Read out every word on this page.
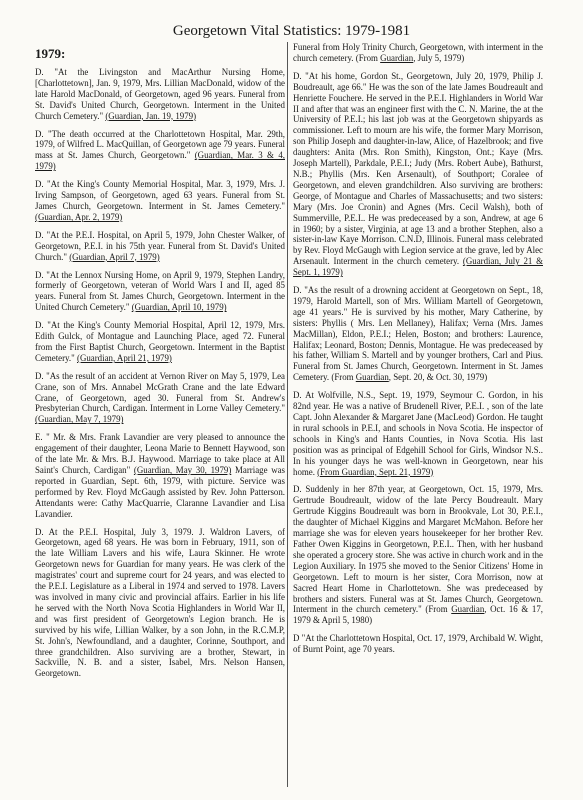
Georgetown Vital Statistics: 1979-1981
1979:

D. "At the Livingston and MacArthur Nursing Home, [Charlottetown], Jan. 9, 1979, Mrs. Lillian MacDonald, widow of the late Harold MacDonald, of Georgetown, aged 96 years. Funeral from St. David's United Church, Georgetown. Interment in the United Church Cemetery." (Guardian, Jan. 19, 1979)

D. "The death occurred at the Charlottetown Hospital, Mar. 29th, 1979, of Wilfred L. MacQuillan, of Georgetown age 79 years. Funeral mass at St. James Church, Georgetown." (Guardian, Mar. 3 & 4, 1979)

D. "At the King's County Memorial Hospital, Mar. 3, 1979, Mrs. J. Irving Sampson, of Georgetown, aged 63 years. Funeral from St. James Church, Georgetown. Interment in St. James Cemetery." (Guardian, Apr. 2, 1979)

D. "At the P.E.I. Hospital, on April 5, 1979, John Chester Walker, of Georgetown, P.E.I. in his 75th year. Funeral from St. David's United Church." (Guardian, April 7, 1979)

D. "At the Lennox Nursing Home, on April 9, 1979, Stephen Landry, formerly of Georgetown, veteran of World Wars I and II, aged 85 years. Funeral from St. James Church, Georgetown. Interment in the United Church Cemetery." (Guardian, April 10, 1979)

D. "At the King's County Memorial Hospital, April 12, 1979, Mrs. Edith Gulck, of Montague and Launching Place, aged 72. Funeral from the First Baptist Church, Georgetown. Interment in the Baptist Cemetery." (Guardian, April 21, 1979)

D. "As the result of an accident at Vernon River on May 5, 1979, Lea Crane, son of Mrs. Annabel McGrath Crane and the late Edward Crane, of Georgetown, aged 30. Funeral from St. Andrew's Presbyterian Church, Cardigan. Interment in Lorne Valley Cemetery." (Guardian, May 7, 1979)

E. " Mr. & Mrs. Frank Lavandier are very pleased to announce the engagement of their daughter, Leona Marie to Bennett Haywood, son of the late Mr. & Mrs. B.J. Haywood. Marriage to take place at All Saint's Church, Cardigan" (Guardian, May 30, 1979) Marriage was reported in Guardian, Sept. 6th, 1979, with picture. Service was performed by Rev. Floyd McGaugh assisted by Rev. John Patterson. Attendants were: Cathy MacQuarrie, Claranne Lavandier and Lisa Lavandier.

D. At the P.E.I. Hospital, July 3, 1979. J. Waldron Lavers, of Georgetown, aged 68 years. He was born in February, 1911, son of the late William Lavers and his wife, Laura Skinner. He wrote Georgetown news for Guardian for many years. He was clerk of the magistrates' court and supreme court for 24 years, and was elected to the P.E.I. Legislature as a Liberal in 1974 and served to 1978. Lavers was involved in many civic and provincial affairs. Earlier in his life he served with the North Nova Scotia Highlanders in World War II, and was first president of Georgetown's Legion branch. He is survived by his wife, Lillian Walker, by a son John, in the R.C.M.P, St. John's, Newfoundland, and a daughter, Corinne, Southport, and three grandchildren. Also surviving are a brother, Stewart, in Sackville, N. B. and a sister, Isabel, Mrs. Nelson Hansen, Georgetown.

Funeral from Holy Trinity Church, Georgetown, with interment in the church cemetery. (From Guardian, July 5, 1979)

D. "At his home, Gordon St., Georgetown, July 20, 1979, Philip J. Boudreault, age 66." He was the son of the late James Boudreault and Henriette Fouchere. He served in the P.E.I. Highlanders in World War II and after that was an engineer first with the C. N. Marine, the at the University of P.E.I.; his last job was at the Georgetown shipyards as commissioner. Left to mourn are his wife, the former Mary Morrison, son Philip Joseph and daughter-in-law, Alice, of Hazelbrook; and five daughters: Anita (Mrs. Ron Smith), Kingston, Ont.; Kaye (Mrs. Joseph Martell), Parkdale, P.E.I.; Judy (Mrs. Robert Aube), Bathurst, N.B.; Phyllis (Mrs. Ken Arsenault), of Southport; Coralee of Georgetown, and eleven grandchildren. Also surviving are brothers: George, of Montague and Charles of Massachusetts; and two sisters: Mary (Mrs. Joe Cronin) and Agnes (Mrs. Cecil Walsh), both of Summerville, P.E.I.. He was predeceased by a son, Andrew, at age 6 in 1960; by a sister, Virginia, at age 13 and a brother Stephen, also a sister-in-law Kaye Morrison. C.N.D, Illinois. Funeral mass celebrated by Rev. Floyd McGaugh with Legion service at the grave, led by Alec Arsenault. Interment in the church cemetery. (Guardian, July 21 & Sept. 1, 1979)

D. "As the result of a drowning accident at Georgetown on Sept., 18, 1979, Harold Martell, son of Mrs. William Martell of Georgetown, age 41 years." He is survived by his mother, Mary Catherine, by sisters: Phyllis ( Mrs. Len Mellaney), Halifax; Verna (Mrs. James MacMillan), Eldon, P.E.I.; Helen, Boston; and brothers: Laurence, Halifax; Leonard, Boston; Dennis, Montague. He was predeceased by his father, William S. Martell and by younger brothers, Carl and Pius. Funeral from St. James Church, Georgetown. Interment in St. James Cemetery. (From Guardian, Sept. 20, & Oct. 30, 1979)

D. At Wolfville, N.S., Sept. 19, 1979, Seymour C. Gordon, in his 82nd year. He was a native of Brudenell River, P.E.I. , son of the late Capt. John Alexander & Margaret Jane (MacLeod) Gordon. He taught in rural schools in P.E.I, and schools in Nova Scotia. He inspector of schools in King's and Hants Counties, in Nova Scotia. His last position was as principal of Edgehill School for Girls, Windsor N.S.. In his younger days he was well-known in Georgetown, near his home. (From Guardian, Sept. 21, 1979)

D. Suddenly in her 87th year, at Georgetown, Oct. 15, 1979, Mrs. Gertrude Boudreault, widow of the late Percy Boudreault. Mary Gertrude Kiggins Boudreault was born in Brookvale, Lot 30, P.E.I., the daughter of Michael Kiggins and Margaret McMahon. Before her marriage she was for eleven years housekeeper for her brother Rev. Father Owen Kiggins in Georgetown, P.E.I.. Then, with her husband she operated a grocery store. She was active in church work and in the Legion Auxiliary. In 1975 she moved to the Senior Citizens' Home in Georgetown. Left to mourn is her sister, Cora Morrison, now at Sacred Heart Home in Charlottetown. She was predeceased by brothers and sisters. Funeral was at St. James Church, Georgetown. Interment in the church cemetery." (From Guardian, Oct. 16 & 17, 1979 & April 5, 1980)

D "At the Charlottetown Hospital, Oct. 17, 1979, Archibald W. Wight, of Burnt Point, age 70 years.
